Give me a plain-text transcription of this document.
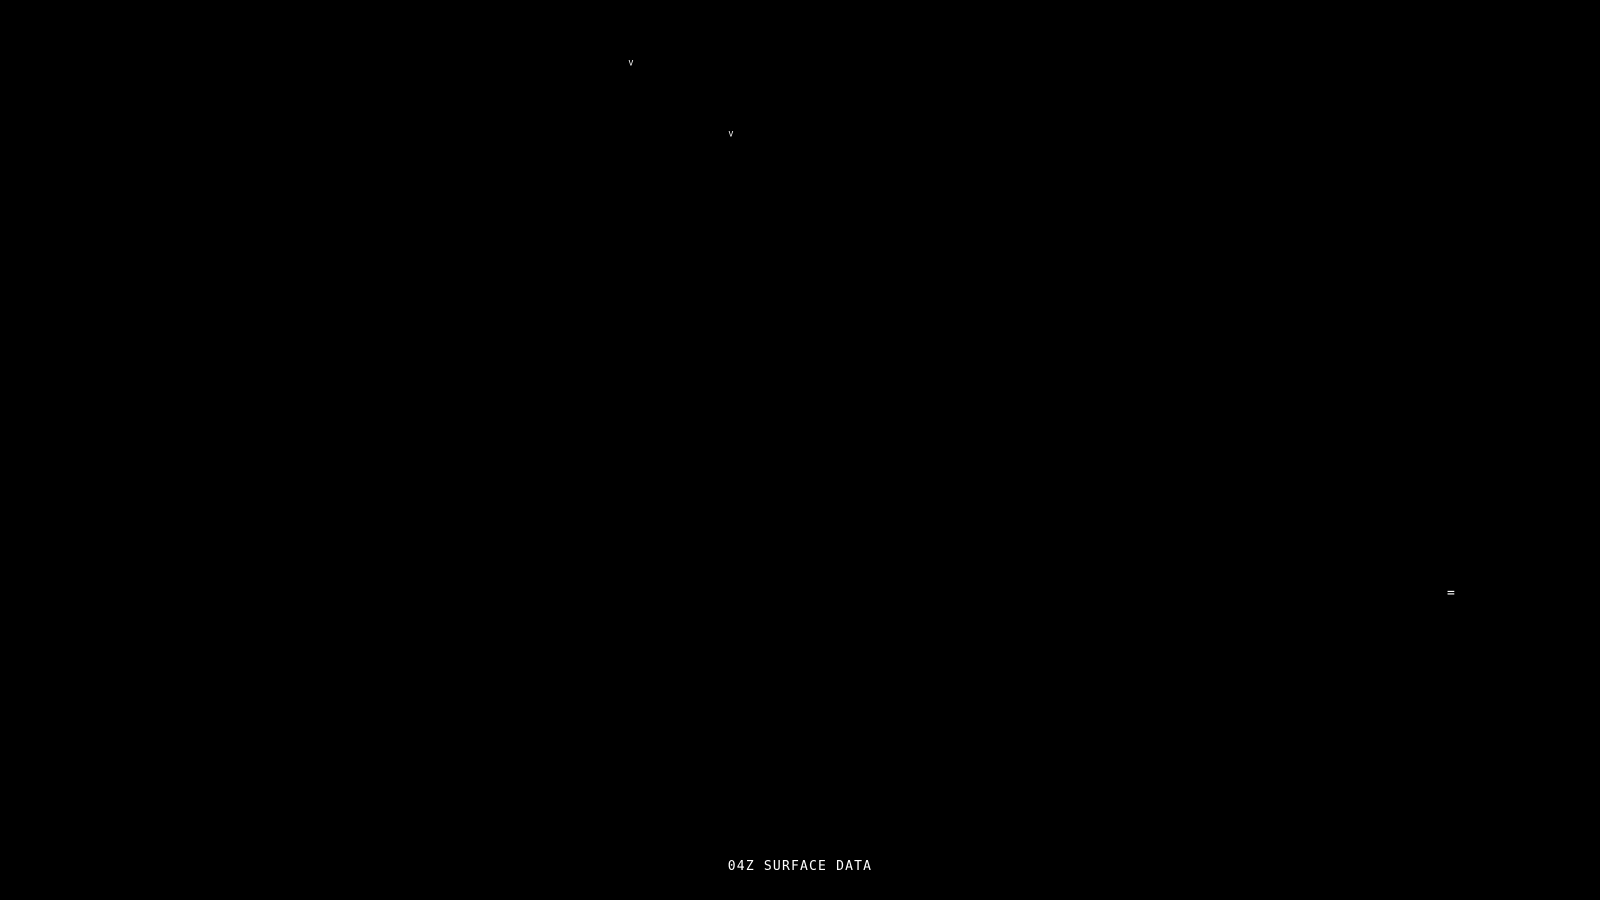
ⱽ
ⱽ
=
04Z SURFACE DATA
